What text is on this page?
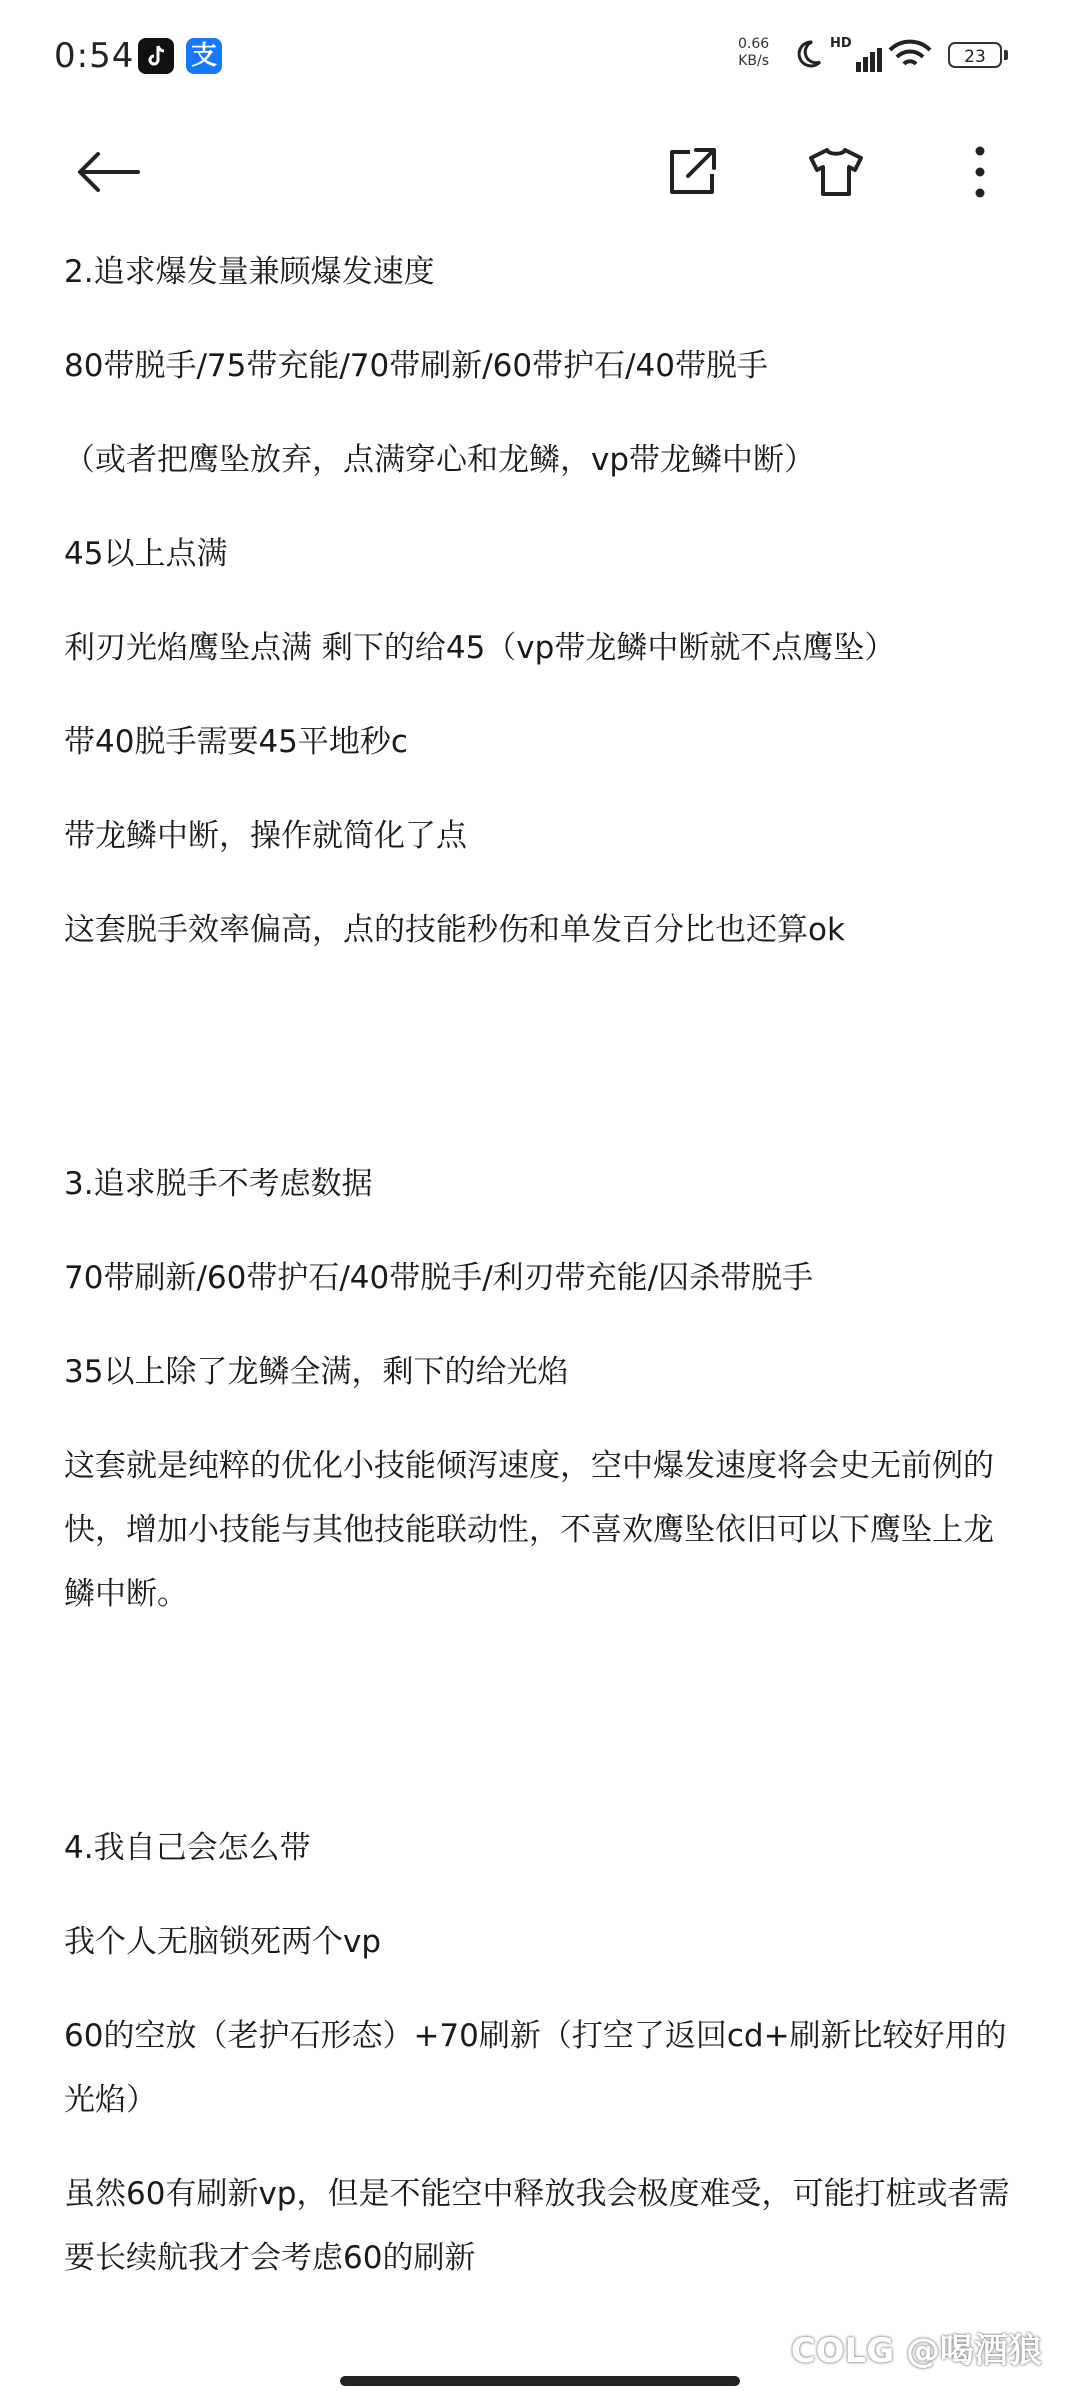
0:54 支	0.66
KB/s
HD
23

2.追求爆发量兼顾爆发速度

80带脱手/75带充能/70带刷新/60带护石/40带脱手

（或者把鹰坠放弃，点满穿心和龙鳞，vp带龙鳞中断）

45以上点满

利刃光焰鹰坠点满 剩下的给45（vp带龙鳞中断就不点鹰坠）

带40脱手需要45平地秒c

带龙鳞中断，操作就简化了点

这套脱手效率偏高，点的技能秒伤和单发百分比也还算ok

3.追求脱手不考虑数据

70带刷新/60带护石/40带脱手/利刃带充能/囚杀带脱手

35以上除了龙鳞全满，剩下的给光焰

这套就是纯粹的优化小技能倾泻速度，空中爆发速度将会史无前例的快，增加小技能与其他技能联动性，不喜欢鹰坠依旧可以下鹰坠上龙鳞中断。

4.我自己会怎么带

我个人无脑锁死两个vp

60的空放（老护石形态）+70刷新（打空了返回cd+刷新比较好用的光焰）

虽然60有刷新vp，但是不能空中释放我会极度难受，可能打桩或者需要长续航我才会考虑60的刷新

COLG @喝酒狼
